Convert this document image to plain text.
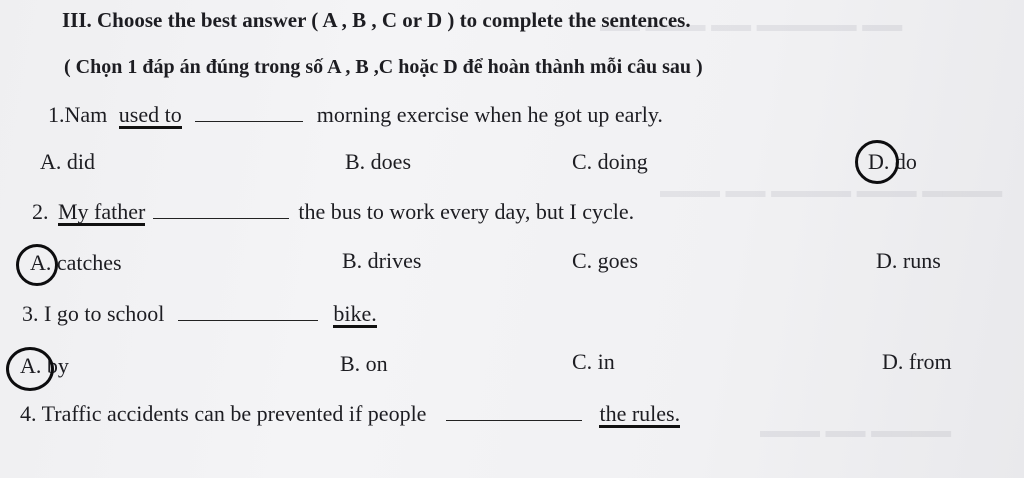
▬▬ ▬▬▬ ▬▬ ▬▬▬▬▬ ▬▬
▬▬▬ ▬▬ ▬▬▬▬ ▬▬▬ ▬▬▬▬
▬▬▬ ▬▬ ▬▬▬▬
III. Choose the best answer ( A , B , C or D ) to complete the sentences.
( Chọn 1 đáp án đúng trong số A , B ,C hoặc D để hoàn thành mỗi câu sau )
1.Nam used to	morning exercise when he got up early.
A. did	B. does	C. doing	D. do
2. My father	the bus to work every day, but I cycle.
A. catches	B. drives	C. goes	D. runs
3. I go to school	bike.
A. by	B. on	C. in	D. from
4. Traffic accidents can be prevented if people	the rules.
